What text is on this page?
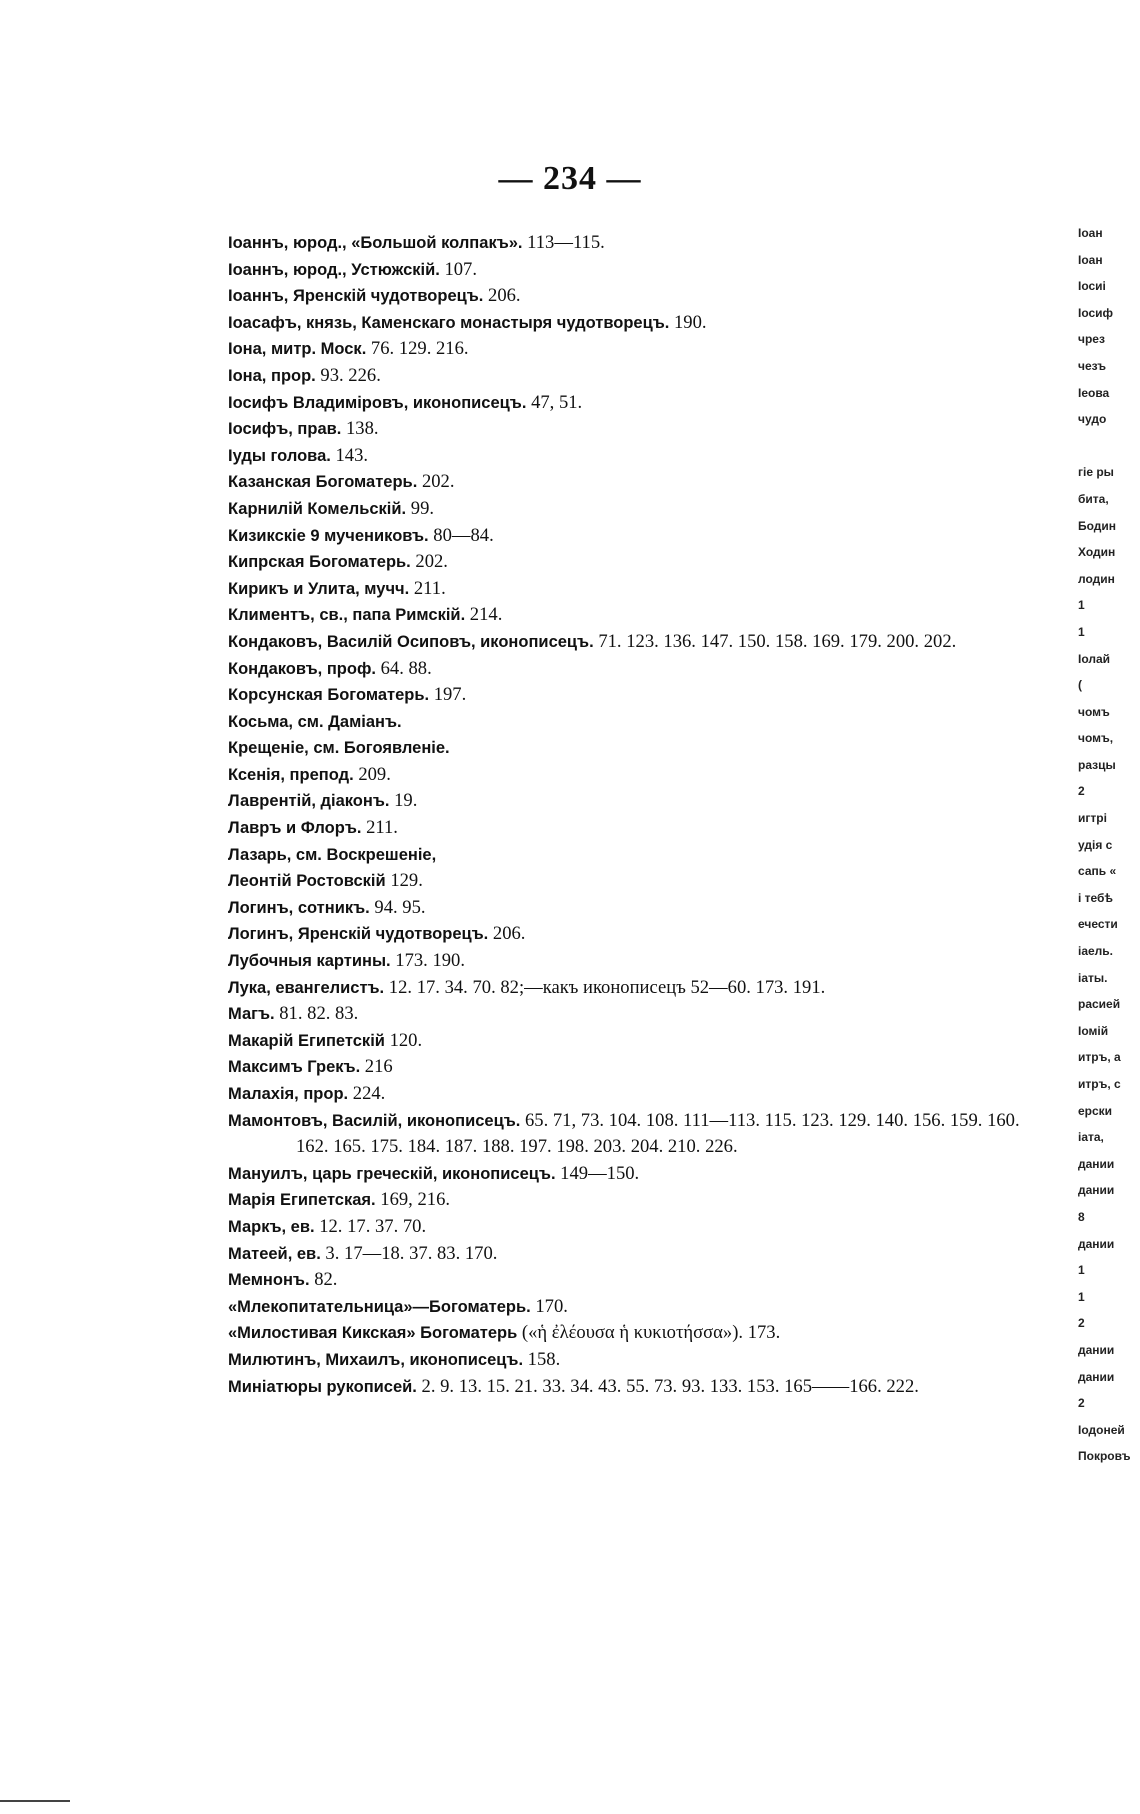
— 234 —
Іоаннъ, юрод., «Большой колпакъ». 113—115.
Іоаннъ, юрод., Устюжскій. 107.
Іоаннъ, Яренскій чудотворецъ. 206.
Іоасафъ, князь, Каменскаго монастыря чудотворецъ. 190.
Іона, митр. Моск. 76. 129. 216.
Іона, прор. 93. 226.
Іосифъ Владиміровъ, иконописецъ. 47, 51.
Іосифъ, прав. 138.
Іуды голова. 143.
Казанская Богоматерь. 202.
Карнилій Комельскій. 99.
Кизикскіе 9 мучениковъ. 80—84.
Кипрская Богоматерь. 202.
Кирикъ и Улита, мучч. 211.
Климентъ, св., папа Римскій. 214.
Кондаковъ, Василій Осиповъ, иконописецъ. 71. 123. 136. 147. 150. 158. 169. 179. 200. 202.
Кондаковъ, проф. 64. 88.
Корсунская Богоматерь. 197.
Косьма, см. Даміанъ.
Крещеніе, см. Богоявленіе.
Ксенія, препод. 209.
Лаврентій, діаконъ. 19.
Лавръ и Флоръ. 211.
Лазарь, см. Воскрешеніе,
Леонтій Ростовскій 129.
Логинъ, сотникъ. 94. 95.
Логинъ, Яренскій чудотворецъ. 206.
Лубочныя картины. 173. 190.
Лука, евангелистъ. 12. 17. 34. 70. 82;—какъ иконописецъ 52—60. 173. 191.
Магъ. 81. 82. 83.
Макарій Египетскій 120.
Максимъ Грекъ. 216
Малахія, прор. 224.
Мамонтовъ, Василій, иконописецъ. 65. 71, 73. 104. 108. 111—113. 115. 123. 129. 140. 156. 159. 160. 162. 165. 175. 184. 187. 188. 197. 198. 203. 204. 210. 226.
Мануилъ, царь греческій, иконописецъ. 149—150.
Марія Египетская. 169, 216.
Маркъ, ев. 12. 17. 37. 70.
Матеей, ев. 3. 17—18. 37. 83. 170.
Мемнонъ. 82.
«Млекопитательница»—Богоматерь. 170.
«Милостивая Кикская» Богоматерь («ἡ ἐλέουσα ἡ κυκιοτήσσα»). 173.
Милютинъ, Михаилъ, иконописецъ. 158.
Миніатюры рукописей. 2. 9. 13. 15. 21. 33. 34. 43. 55. 73. 93. 133. 153. 165——166. 222.
Іоан
Іоан
Іосиі
Іосиф
чрез
чезъ
Іеова
чудо

гіе ры
бита,
Бодин
Ходин
лодин
1
1
Іолай
(
чомъ
чомъ,
разцы
2
игтрі
удія с
сапь «
і тебѣ
ечести
іаель.
іаты.
расией
Іомій
итръ, а
итръ, с
ерски
іата,
дании
дании
8
дании
1
1
2
дании
дании
2
Іодоней
Покровъ
